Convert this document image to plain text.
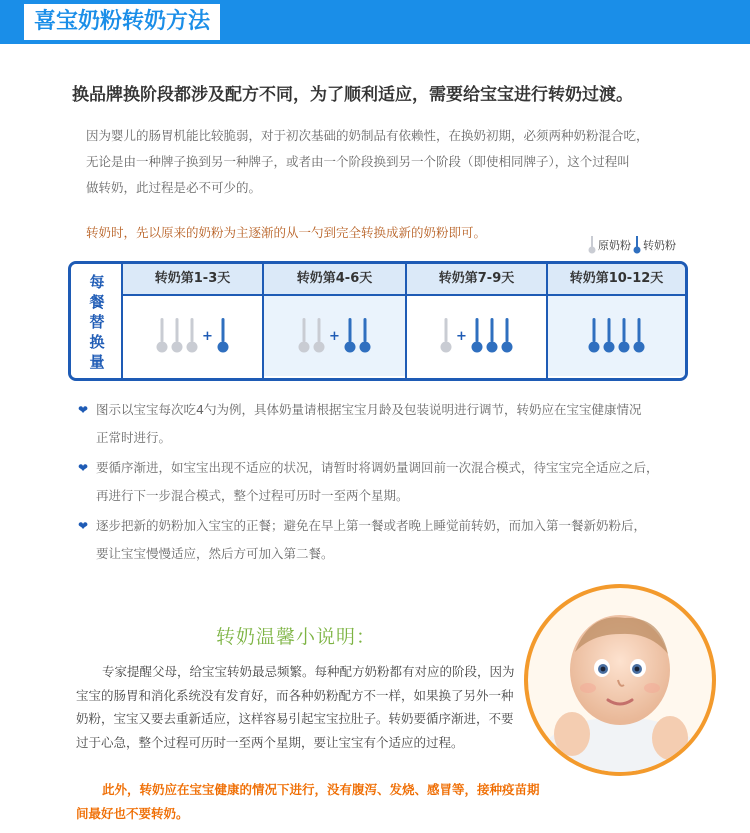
喜宝奶粉转奶方法
换品牌换阶段都涉及配方不同，为了顺利适应，需要给宝宝进行转奶过渡。
因为婴儿的肠胃机能比较脆弱，对于初次基础的奶制品有依赖性，在换奶初期，必须两种奶粉混合吃，
无论是由一种牌子换到另一种牌子，或者由一个阶段换到另一个阶段（即使相同牌子），这个过程叫
做转奶，此过程是必不可少的。
转奶时，先以原来的奶粉为主逐渐的从一勺到完全转换成新的奶粉即可。
原奶粉 转奶粉
每
餐
替
换
量
转奶第1-3天
+
转奶第4-6天
+
转奶第7-9天
+
转奶第10-12天
❤ 图示以宝宝每次吃4勺为例，具体奶量请根据宝宝月龄及包装说明进行调节，转奶应在宝宝健康情况
正常时进行。
❤ 要循序渐进，如宝宝出现不适应的状况，请暂时将调奶量调回前一次混合模式，待宝宝完全适应之后，
再进行下一步混合模式，整个过程可历时一至两个星期。
❤ 逐步把新的奶粉加入宝宝的正餐；避免在早上第一餐或者晚上睡觉前转奶，而加入第一餐新奶粉后，
要让宝宝慢慢适应，然后方可加入第二餐。
转奶温馨小说明：
专家提醒父母，给宝宝转奶最忌频繁。每种配方奶粉都有对应的阶段，因为宝宝的肠胃和消化系统没有发育好，而各种奶粉配方不一样，如果换了另外一种奶粉，宝宝又要去重新适应，这样容易引起宝宝拉肚子。转奶要循序渐进，不要过于心急，整个过程可历时一至两个星期，要让宝宝有个适应的过程。
此外，转奶应在宝宝健康的情况下进行，没有腹泻、发烧、感冒等，接种疫苗期间最好也不要转奶。
